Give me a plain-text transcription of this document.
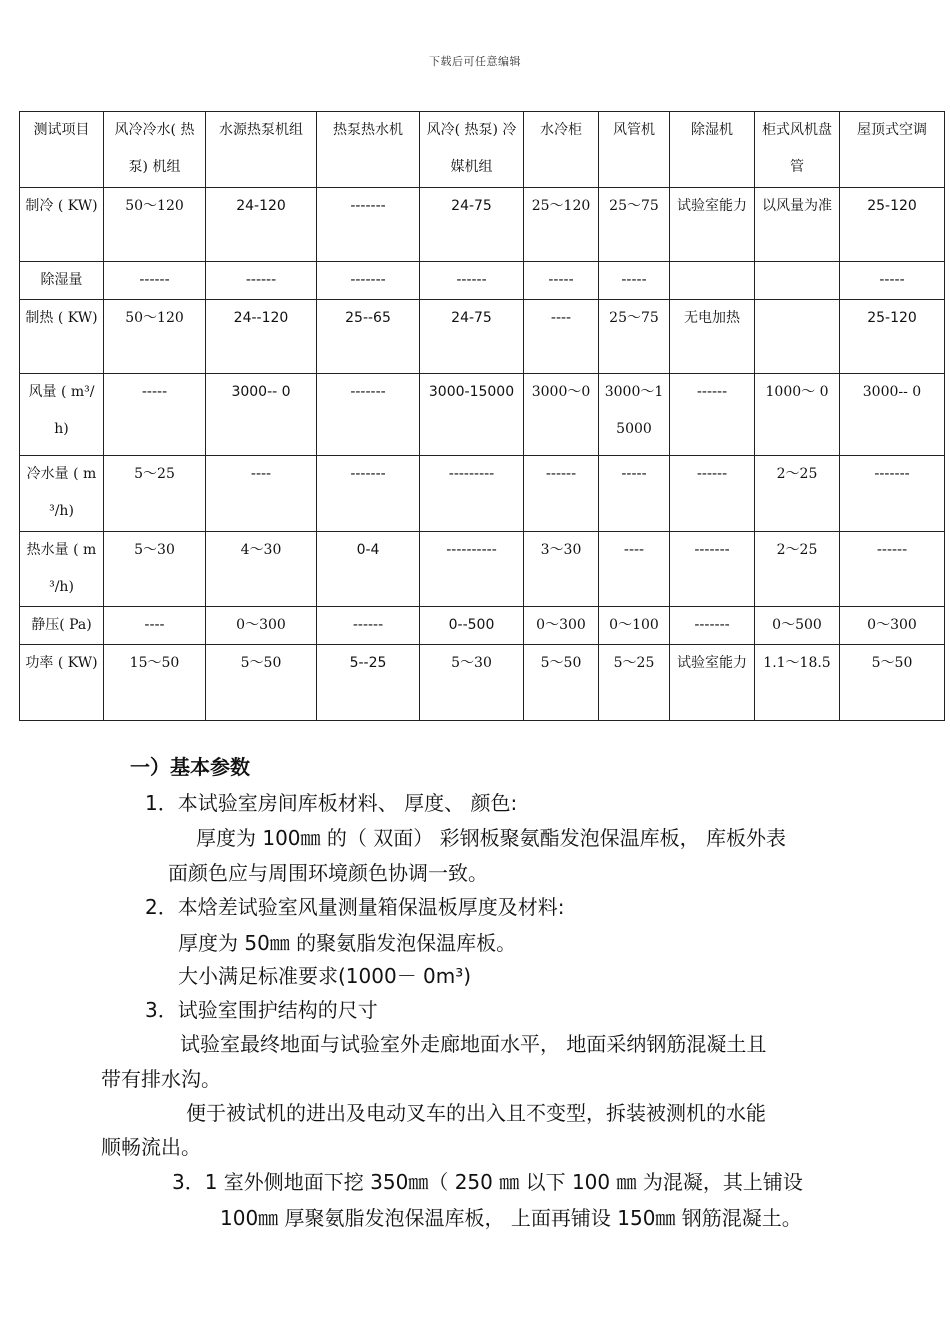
下载后可任意编辑
测试项目	风冷冷水( 热泵) 机组	水源热泵机组	热泵热水机	风冷( 热泵) 冷媒机组	水冷柜	风管机	除湿机	柜式风机盘管	屋顶式空调
制冷 ( KW)	50～120	24-120	-------	24-75	25～120	25～75	试验室能力	以风量为准	25-120
除湿量	------	------	-------	------	-----	-----			-----
制热 ( KW)	50～120	24--120	25--65	24-75	----	25～75	无电加热		25-120
风量 ( m³/h)	-----	3000-- 0	-------	3000-15000	3000～0	3000～15000	------	1000～ 0	3000-- 0
冷水量 ( m³/h)	5～25	----	-------	---------	------	-----	------	2～25	-------
热水量 ( m³/h)	5～30	4～30	0-4	----------	3～30	----	-------	2～25	------
静压( Pa)	----	0～300	------	0--500	0～300	0～100	-------	0～500	0～300
功率 ( KW)	15～50	5～50	5--25	5～30	5～50	5～25	试验室能力	1.1～18.5	5～50
一）基本参数
1．本试验室房间库板材料、 厚度、 颜色:
厚度为 100㎜ 的（ 双面） 彩钢板聚氨酯发泡保温库板， 库板外表
面颜色应与周围环境颜色协调一致。
2．本焓差试验室风量测量箱保温板厚度及材料:
厚度为 50㎜ 的聚氨脂发泡保温库板。
大小满足标准要求(1000－ 0m³)
3．试验室围护结构的尺寸
试验室最终地面与试验室外走廊地面水平， 地面采纳钢筋混凝土且
带有排水沟。
便于被试机的进出及电动叉车的出入且不变型，拆装被测机的水能
顺畅流出。
3．1 室外侧地面下挖 350㎜（ 250 ㎜ 以下 100 ㎜ 为混凝，其上铺设
100㎜ 厚聚氨脂发泡保温库板， 上面再铺设 150㎜ 钢筋混凝土。
